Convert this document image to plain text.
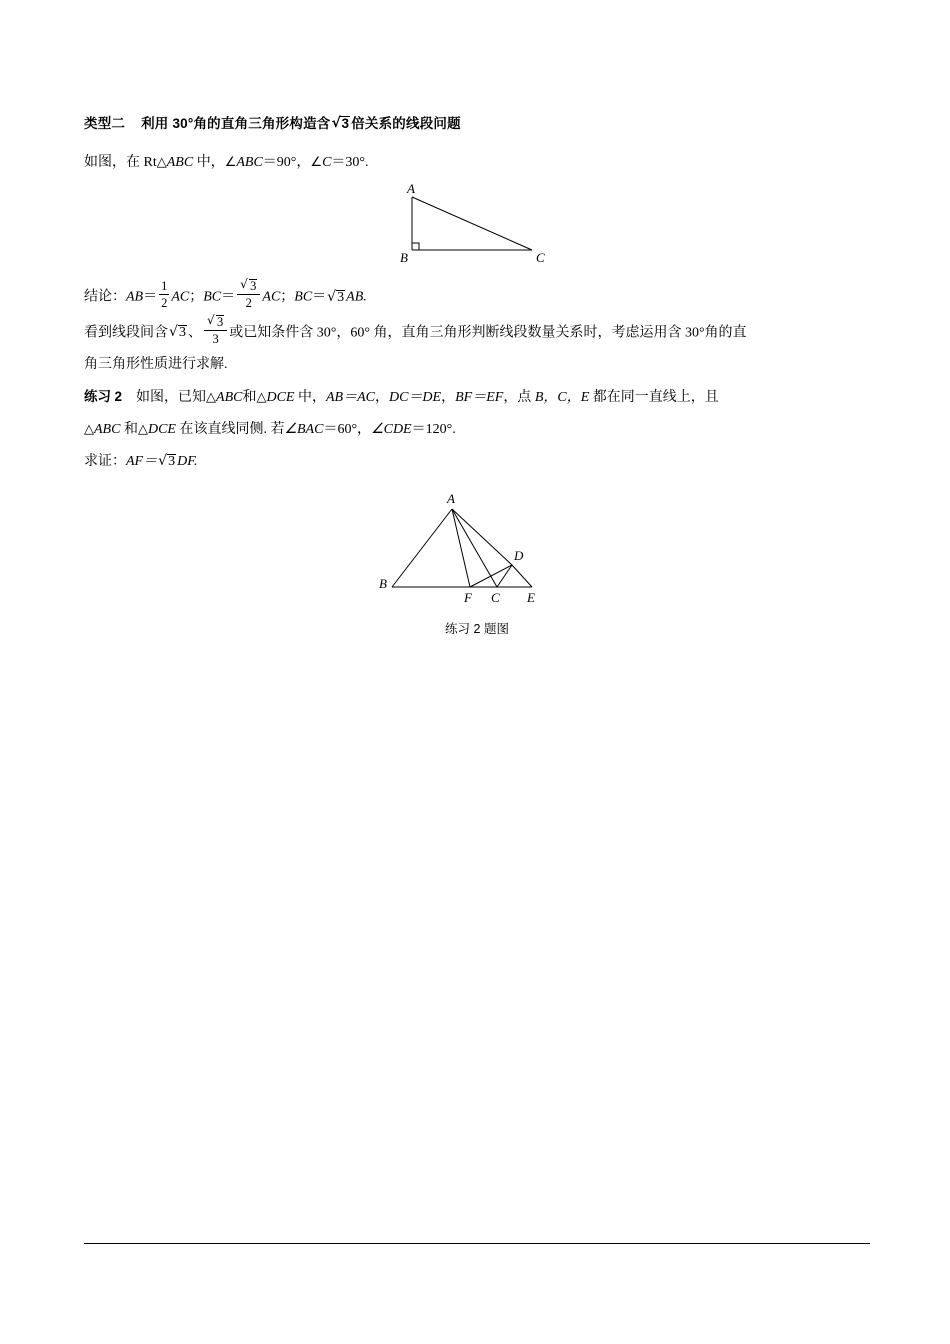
类型二 利用 30°角的直角三角形构造含 √ 3 倍关系的线段问题
如图，在 Rt△ABC 中，∠ABC＝90°，∠C＝30°.
A
B	C
结论：$AB= \frac{1}{2}$ AC；BC＝ √ $\frac{3}{2}$ AC；BC＝ √ 3 AB.
看到线段间含 √ 3 、 √ $\frac{3}{3}$ 或已知条件含 30°，60° 角，直角三角形判断线段数量关系时，考虑运用含 30°角的直
角三角形性质进行求解.
练习 2 如图，已知△ABC和△DCE 中，AB＝AC，DC＝DE，BF＝EF，点 B，C，E 都在同一直线上，且
△ABC 和△DCE 在该直线同侧. 若∠BAC＝60°，∠CDE＝120°.
求证：AF＝ √ 3 DF.
A
B
D
F C E
练习 2 题图
